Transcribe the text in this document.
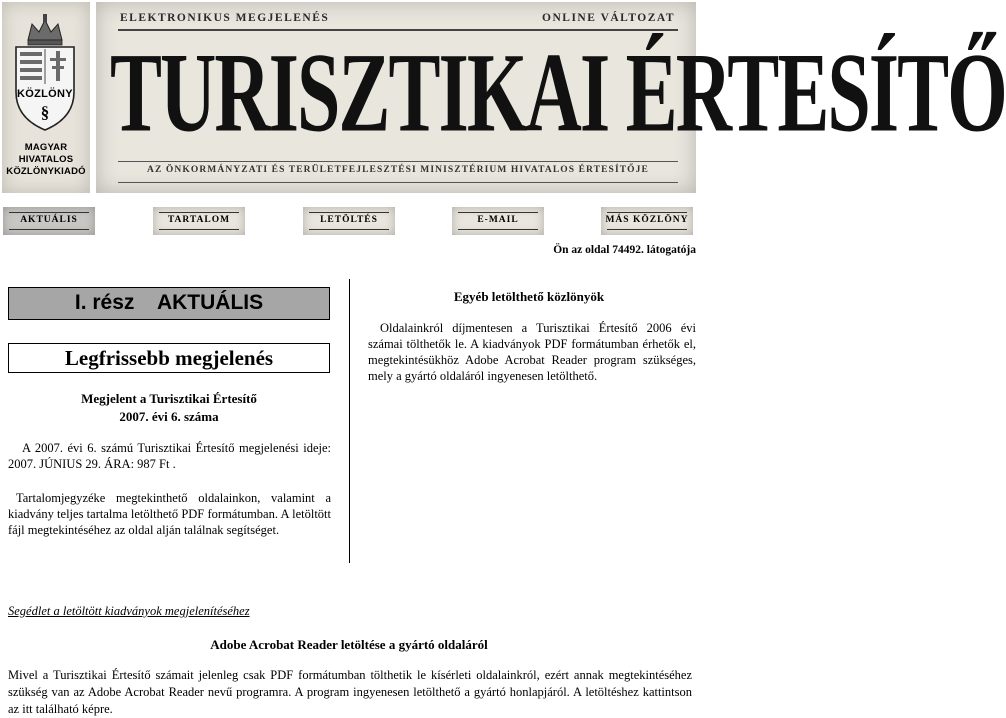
KÖZLÖNY
§
MAGYAR
HIVATALOS
KÖZLÖNYKIADÓ
ELEKTRONIKUS MEGJELENÉS	ONLINE VÁLTOZAT
TURISZTIKAI ÉRTESÍTŐ
AZ ÖNKORMÁNYZATI ÉS TERÜLETFEJLESZTÉSI MINISZTÉRIUM HIVATALOS ÉRTESÍTŐJE
AKTUÁLIS	TARTALOM	LETÖLTÉS	E-MAIL	MÁS KÖZLÖNY
Ön az oldal 74492. látogatója
I. rész    AKTUÁLIS
Legfrissebb megjelenés
Megjelent a Turisztikai Értesítő
2007. évi 6. száma
A 2007. évi 6. számú Turisztikai Értesítő megjelenési ideje: 2007. JÚNIUS 29. ÁRA: 987 Ft .
Tartalomjegyzéke megtekinthető oldalainkon, valamint a kiadvány teljes tartalma letölthető PDF formátumban. A letöltött fájl megtekintéséhez az oldal alján találnak segítséget.
Egyéb letölthető közlönyök
Oldalainkról díjmentesen a Turisztikai Értesítő 2006 évi számai tölthetők le. A kiadványok PDF formátumban érhetők el, megtekintésükhöz Adobe Acrobat Reader program szükséges, mely a gyártó oldaláról ingyenesen letölthető.
Segédlet a letöltött kiadványok megjelenítéséhez
Adobe Acrobat Reader letöltése a gyártó oldaláról
Mivel a Turisztikai Értesítő számait jelenleg csak PDF formátumban tölthetik le kísérleti oldalainkról, ezért annak megtekintéséhez szükség van az Adobe Acrobat Reader nevű programra. A program ingyenesen letölthető a gyártó honlapjáról. A letöltéshez kattintson az itt található képre.
